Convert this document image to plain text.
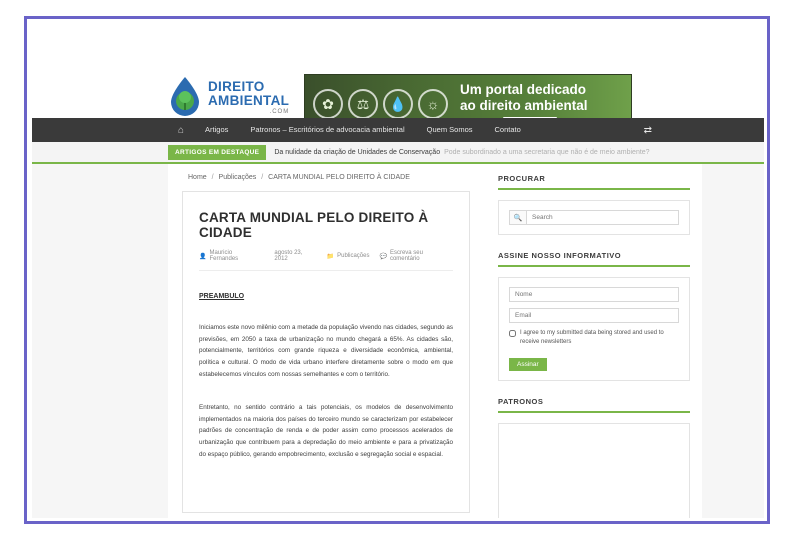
DIREITO
AMBIENTAL
.COM	✿	⚖	💧	☼
Um portal dedicado
ao direito ambiental
⌂	Artigos	Patronos – Escritórios de advocacia ambiental	Quem Somos	Contato	⇄
ARTIGOS EM DESTAQUE	Da nulidade da criação de Unidades de Conservação Pode subordinado a uma secretaria que não é de meio ambiente?
Home / Publicações / CARTA MUNDIAL PELO DIREITO À CIDADE
CARTA MUNDIAL PELO DIREITO À CIDADE
👤
Mauricio Fernandes
agosto 23, 2012	📁 Publicações 💬
Escreva seu comentário
PREAMBULO
Iniciamos este novo milênio com a metade da população vivendo nas cidades, segundo as previsões, em 2050 a taxa de urbanização no mundo chegará a 65%. As cidades são, potencialmente, territórios com grande riqueza e diversidade econômica, ambiental, política e cultural. O modo de vida urbano interfere diretamente sobre o modo em que estabelecemos vínculos com nossas semelhantes e com o território.
Entretanto, no sentido contrário a tais potenciais, os modelos de desenvolvimento implementados na maioria dos países do terceiro mundo se caracterizam por estabelecer padrões de concentração de renda e de poder assim como processos acelerados de urbanização que contribuem para a depredação do meio ambiente e para a privatização do espaço público, gerando empobrecimento, exclusão e segregação social e espacial.
PROCURAR
🔍
Search
ASSINE NOSSO INFORMATIVO
Nome
Email
I agree to my submitted data being stored and used to receive newsletters
Assinar
PATRONOS
